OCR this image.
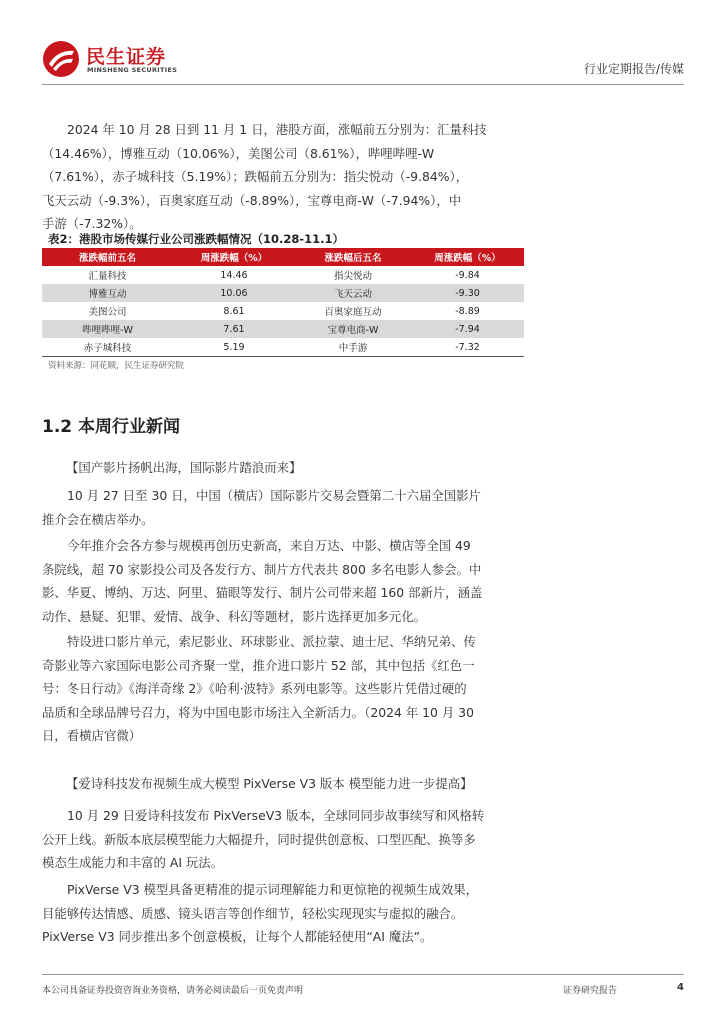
民生证券
MINSHENG SECURITIES	行业定期报告/传媒

2024 年 10 月 28 日到 11 月 1 日，港股方面，涨幅前五分别为：汇量科技
（14.46%），博雅互动（10.06%），美图公司（8.61%），哔哩哔哩-W
（7.61%），赤子城科技（5.19%）；跌幅前五分别为：指尖悦动（-9.84%），
飞天云动（-9.3%），百奥家庭互动（-8.89%），宝尊电商-W（-7.94%），中
手游（-7.32%）。

表2：港股市场传媒行业公司涨跌幅情况（10.28-11.1）
涨跌幅前五名	周涨跌幅（%）	涨跌幅后五名	周涨跌幅（%）
汇量科技	14.46	指尖悦动	-9.84
博雅互动	10.06	飞天云动	-9.30
美图公司	8.61	百奥家庭互动	-8.89
哔哩哔哩-W	7.61	宝尊电商-W	-7.94
赤子城科技	5.19	中手游	-7.32
资料来源：同花顺，民生证券研究院
1.2 本周行业新闻
【国产影片扬帆出海，国际影片踏浪而来】

10 月 27 日至 30 日，中国（横店）国际影片交易会暨第二十六届全国影片
推介会在横店举办。

今年推介会各方参与规模再创历史新高，来自万达、中影、横店等全国 49
条院线，超 70 家影投公司及各发行方、制片方代表共 800 多名电影人参会。中
影、华夏、博纳、万达、阿里、猫眼等发行、制片公司带来超 160 部新片，涵盖
动作、悬疑、犯罪、爱情、战争、科幻等题材，影片选择更加多元化。

特设进口影片单元，索尼影业、环球影业、派拉蒙、迪士尼、华纳兄弟、传
奇影业等六家国际电影公司齐聚一堂，推介进口影片 52 部，其中包括《红色一
号：冬日行动》《海洋奇缘 2》《哈利·波特》系列电影等。这些影片凭借过硬的
品质和全球品牌号召力，将为中国电影市场注入全新活力。（2024 年 10 月 30
日，看横店官微）

【爱诗科技发布视频生成大模型 PixVerse V3 版本 模型能力进一步提高】

10 月 29 日爱诗科技发布 PixVerseV3 版本，全球同同步故事续写和风格转
公开上线。新版本底层模型能力大幅提升，同时提供创意板、口型匹配、换等多
模态生成能力和丰富的 AI 玩法。

PixVerse V3 模型具备更精准的提示词理解能力和更惊艳的视频生成效果，
目能够传达情感、质感、镜头语言等创作细节，轻松实现现实与虚拟的融合。
PixVerse V3 同步推出多个创意模板，让每个人都能轻使用“AI 魔法”。

本公司具备证券投资咨询业务资格，请务必阅读最后一页免责声明	证券研究报告	4
